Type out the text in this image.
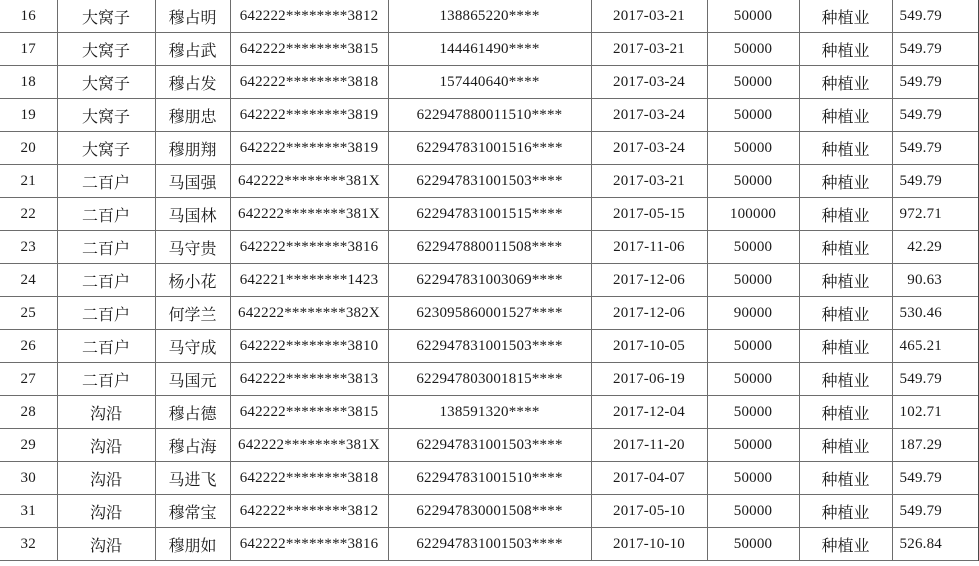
16	大窝子	穆占明	642222********3812	138865220****	2017-03-21	50000	种植业	549.79
17	大窝子	穆占武	642222********3815	144461490****	2017-03-21	50000	种植业	549.79
18	大窝子	穆占发	642222********3818	157440640****	2017-03-24	50000	种植业	549.79
19	大窝子	穆朋忠	642222********3819	622947880011510****	2017-03-24	50000	种植业	549.79
20	大窝子	穆朋翔	642222********3819	622947831001516****	2017-03-24	50000	种植业	549.79
21	二百户	马国强	642222********381X	622947831001503****	2017-03-21	50000	种植业	549.79
22	二百户	马国林	642222********381X	622947831001515****	2017-05-15	100000	种植业	972.71
23	二百户	马守贵	642222********3816	622947880011508****	2017-11-06	50000	种植业	42.29
24	二百户	杨小花	642221********1423	622947831003069****	2017-12-06	50000	种植业	90.63
25	二百户	何学兰	642222********382X	623095860001527****	2017-12-06	90000	种植业	530.46
26	二百户	马守成	642222********3810	622947831001503****	2017-10-05	50000	种植业	465.21
27	二百户	马国元	642222********3813	622947803001815****	2017-06-19	50000	种植业	549.79
28	沟沿	穆占德	642222********3815	138591320****	2017-12-04	50000	种植业	102.71
29	沟沿	穆占海	642222********381X	622947831001503****	2017-11-20	50000	种植业	187.29
30	沟沿	马进飞	642222********3818	622947831001510****	2017-04-07	50000	种植业	549.79
31	沟沿	穆常宝	642222********3812	622947830001508****	2017-05-10	50000	种植业	549.79
32	沟沿	穆朋如	642222********3816	622947831001503****	2017-10-10	50000	种植业	526.84
